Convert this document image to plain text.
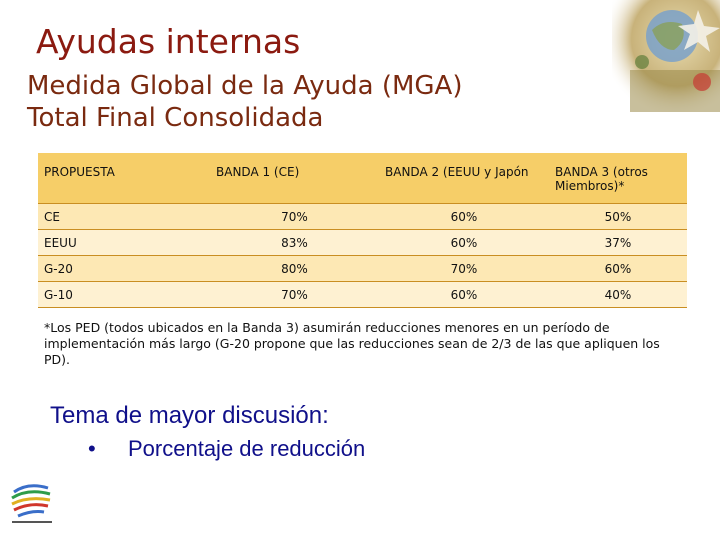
Ayudas internas
Medida Global de la Ayuda (MGA)
Total Final Consolidada
PROPUESTA	BANDA 1 (CE)	BANDA 2 (EEUU y Japón	BANDA 3 (otros Miembros)*
CE	70%	60%	50%
EEUU	83%	60%	37%
G-20	80%	70%	60%
G-10	70%	60%	40%
*Los PED (todos ubicados en la Banda 3) asumirán reducciones menores en un período de implementación más largo (G-20 propone que las reducciones sean de 2/3 de las que apliquen los PD).
Tema de mayor discusión:
• Porcentaje de reducción
